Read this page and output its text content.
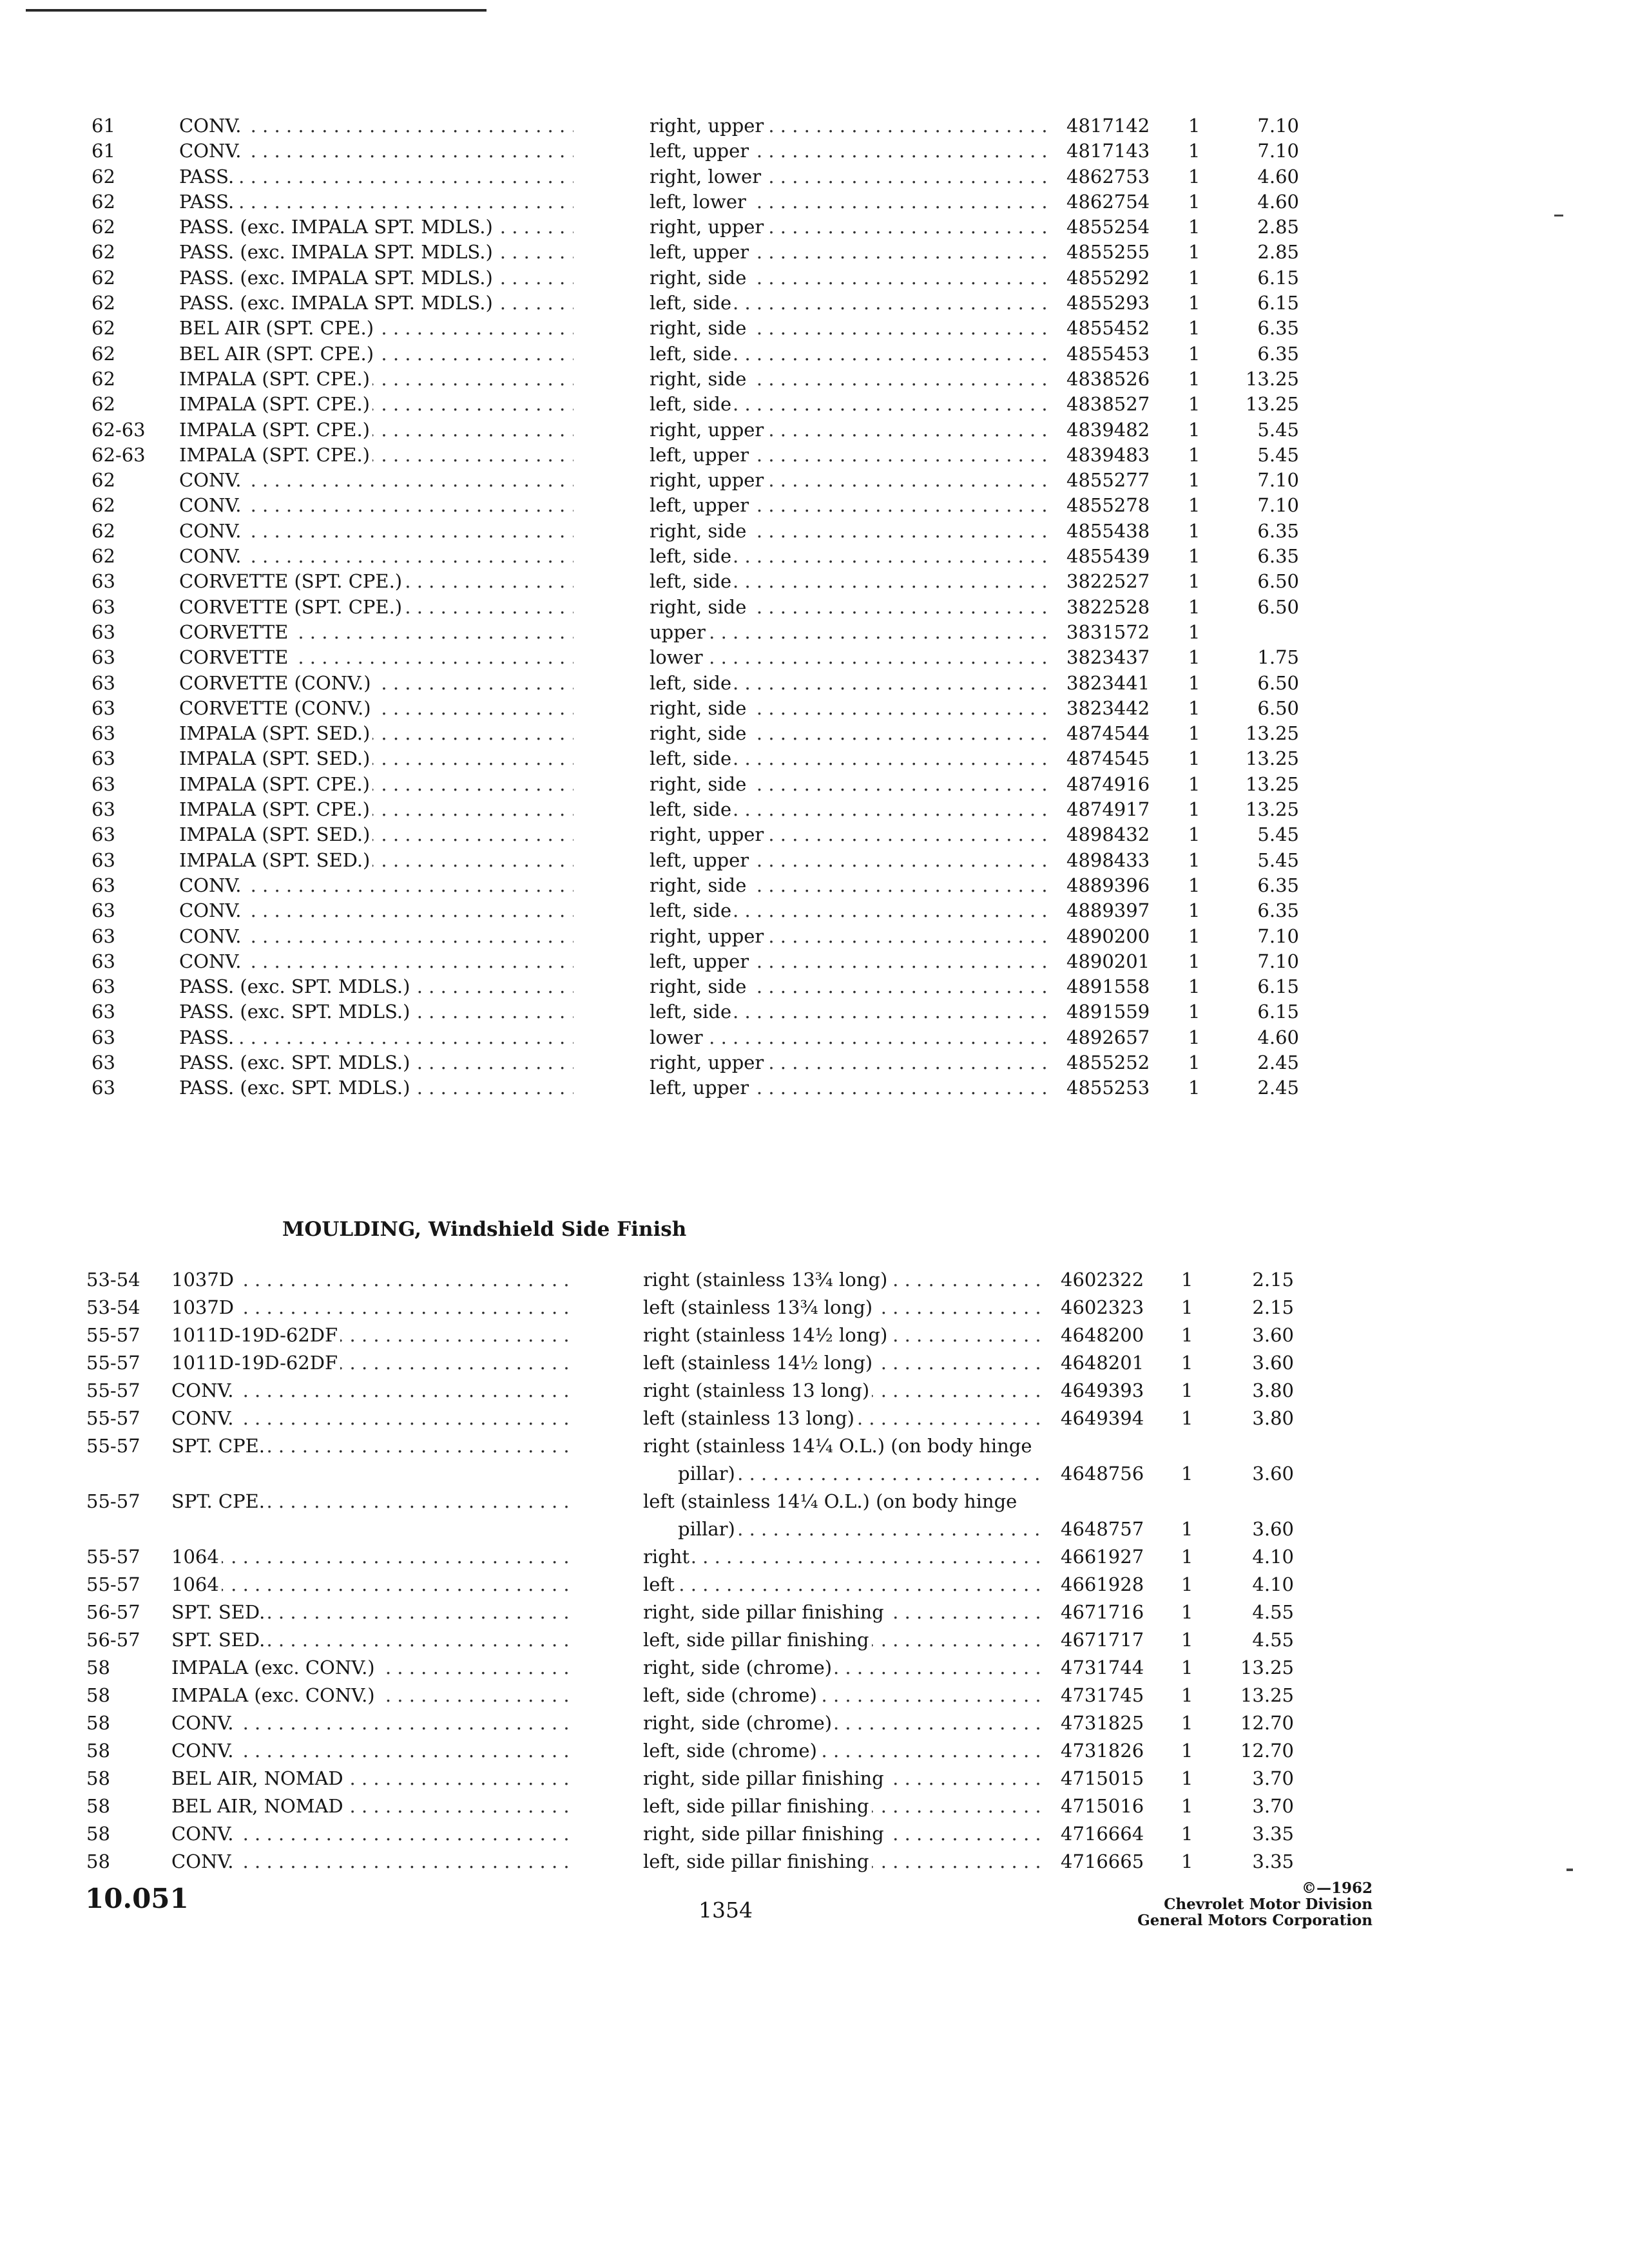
61	CONV. . . .	right, upper . . .	4817142 1	7.10
61	CONV. . . .	left, upper . . .	4817143 1	7.10
62	PASS. . . .	right, lower . . .	4862753 1	4.60
62	PASS. . . .	left, lower . . .	4862754 1	4.60
62	PASS. (exc. IMPALA SPT. MDLS.) . . .	right, upper . . .	4855254 1	2.85
62	PASS. (exc. IMPALA SPT. MDLS.) . . .	left, upper . . .	4855255 1	2.85
62	PASS. (exc. IMPALA SPT. MDLS.) . . .	right, side . . .	4855292 1	6.15
62	PASS. (exc. IMPALA SPT. MDLS.) . . .	left, side . . .	4855293 1	6.15
62	BEL AIR (SPT. CPE.) . . .	right, side . . .	4855452 1	6.35
62	BEL AIR (SPT. CPE.) . . .	left, side . . .	4855453 1	6.35
62	IMPALA (SPT. CPE.) . . .	right, side . . .	4838526 1 13.25
62	IMPALA (SPT. CPE.) . . .	left, side . . .	4838527 1 13.25
62-63 IMPALA (SPT. CPE.) . . .	right, upper . . .	4839482 1	5.45
62-63 IMPALA (SPT. CPE.) . . .	left, upper . . .	4839483 1	5.45
62	CONV. . . .	right, upper . . .	4855277 1	7.10
62	CONV. . . .	left, upper . . .	4855278 1	7.10
62	CONV. . . .	right, side . . .	4855438 1	6.35
62	CONV. . . .	left, side . . .	4855439 1	6.35
63	CORVETTE (SPT. CPE.) . . .	left, side . . .	3822527 1	6.50
63	CORVETTE (SPT. CPE.) . . .	right, side . . .	3822528 1	6.50
63	CORVETTE . . .	upper . . .	3831572 1
63	CORVETTE . . .	lower . . .	3823437 1	1.75
63	CORVETTE (CONV.) . . .	left, side . . .	3823441 1	6.50
63	CORVETTE (CONV.) . . .	right, side . . .	3823442 1	6.50
63	IMPALA (SPT. SED.) . . .	right, side . . .	4874544 1 13.25
63	IMPALA (SPT. SED.) . . .	left, side . . .	4874545 1 13.25
63	IMPALA (SPT. CPE.) . . .	right, side . . .	4874916 1 13.25
63	IMPALA (SPT. CPE.) . . .	left, side . . .	4874917 1 13.25
63	IMPALA (SPT. SED.) . . .	right, upper . . .	4898432 1	5.45
63	IMPALA (SPT. SED.) . . .	left, upper . . .	4898433 1	5.45
63	CONV. . . .	right, side . . .	4889396 1	6.35
63	CONV. . . .	left, side . . .	4889397 1	6.35
63	CONV. . . .	right, upper . . .	4890200 1	7.10
63	CONV. . . .	left, upper . . .	4890201 1	7.10
63	PASS. (exc. SPT. MDLS.) . . .	right, side . . .	4891558 1	6.15
63	PASS. (exc. SPT. MDLS.) . . .	left, side . . .	4891559 1	6.15
63	PASS. . . .	lower . . .	4892657 1	4.60
63	PASS. (exc. SPT. MDLS.) . . .	right, upper . . .	4855252 1	2.45
63	PASS. (exc. SPT. MDLS.) . . .	left, upper . . .	4855253 1	2.45
MOULDING, Windshield Side Finish
53-54 1037D . . .	right (stainless 13¾ long) . . .	4602322 1	2.15
53-54 1037D . . .	left (stainless 13¾ long) . . .	4602323 1	2.15
55-57 1011D-19D-62DF . . .	right (stainless 14½ long) . . .	4648200 1	3.60
55-57 1011D-19D-62DF . . .	left (stainless 14½ long) . . .	4648201 1	3.60
55-57 CONV. . . .	right (stainless 13 long) . . .	4649393 1	3.80
55-57 CONV. . . .	left (stainless 13 long) . . .	4649394 1	3.80
55-57 SPT. CPE. . . .	right (stainless 14¼ O.L.) (on body hinge
pillar) . . .	4648756 1	3.60
55-57 SPT. CPE. . . .	left (stainless 14¼ O.L.) (on body hinge
pillar) . . .	4648757 1	3.60
55-57 1064 . . .	right . . .	4661927 1	4.10
55-57 1064 . . .	left . . .	4661928 1	4.10
56-57 SPT. SED. . . .	right, side pillar finishing . . .	4671716 1	4.55
56-57 SPT. SED. . . .	left, side pillar finishing . . .	4671717 1	4.55
58	IMPALA (exc. CONV.) . . .	right, side (chrome) . . .	4731744 1	13.25
58	IMPALA (exc. CONV.) . . .	left, side (chrome) . . .	4731745 1	13.25
58	CONV. . . .	right, side (chrome) . . .	4731825 1	12.70
58	CONV. . . .	left, side (chrome) . . .	4731826 1	12.70
58	BEL AIR, NOMAD . . .	right, side pillar finishing . . .	4715015 1	3.70
58	BEL AIR, NOMAD . . .	left, side pillar finishing . . .	4715016 1	3.70
58	CONV. . . .	right, side pillar finishing . . .	4716664 1	3.35
58	CONV. . . .	left, side pillar finishing . . .	4716665 1	3.35
10.051	1354
©—1962
Chevrolet Motor Division
General Motors Corporation
